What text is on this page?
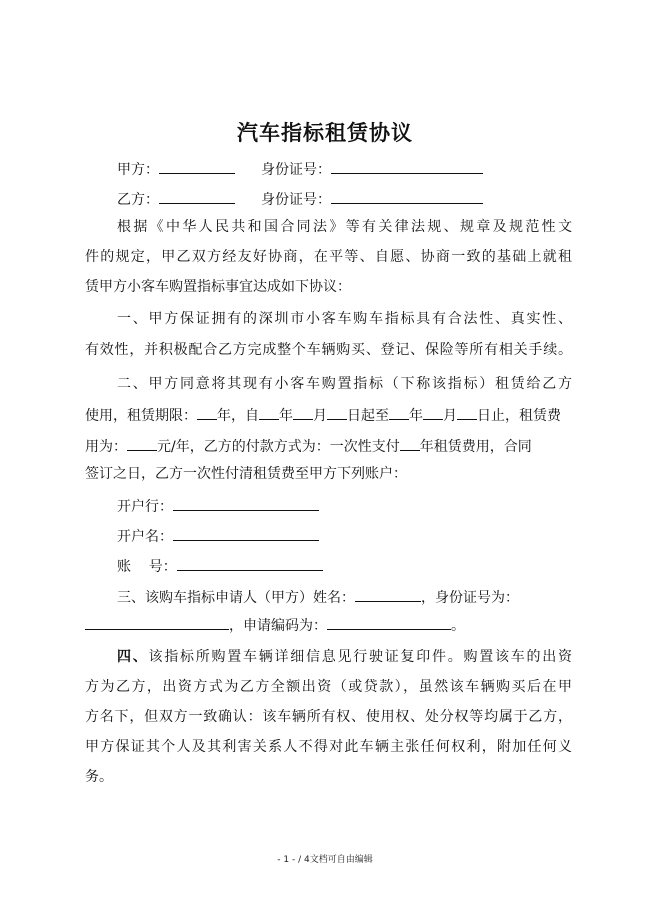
汽车指标租赁协议
甲方：	身份证号：
乙方：	身份证号：
根据《中华人民共和国合同法》等有关律法规、规章及规范性文
件的规定，甲乙双方经友好协商，在平等、自愿、协商一致的基础上就租
赁甲方小客车购置指标事宜达成如下协议：
一、甲方保证拥有的深圳市小客车购车指标具有合法性、真实性、
有效性，并积极配合乙方完成整个车辆购买、登记、保险等所有相关手续。
二、甲方同意将其现有小客车购置指标（下称该指标）租赁给乙方
使用，租赁期限： 年，自 年 月 日起至 年 月 日止，租赁费
用为： 元/年，乙方的付款方式为：一次性支付 年租赁费用，合同
签订之日，乙方一次性付清租赁费至甲方下列账户：
开户行：
开户名：
账    号：
三、该购车指标申请人（甲方）姓名：	，身份证号为：
，申请编码为：	。
四、该指标所购置车辆详细信息见行驶证复印件。购置该车的出资
方为乙方，出资方式为乙方全额出资（或贷款），虽然该车辆购买后在甲
方名下，但双方一致确认：该车辆所有权、使用权、处分权等均属于乙方，
甲方保证其个人及其利害关系人不得对此车辆主张任何权利，附加任何义
务。
- 1 - / 4文档可自由编辑
